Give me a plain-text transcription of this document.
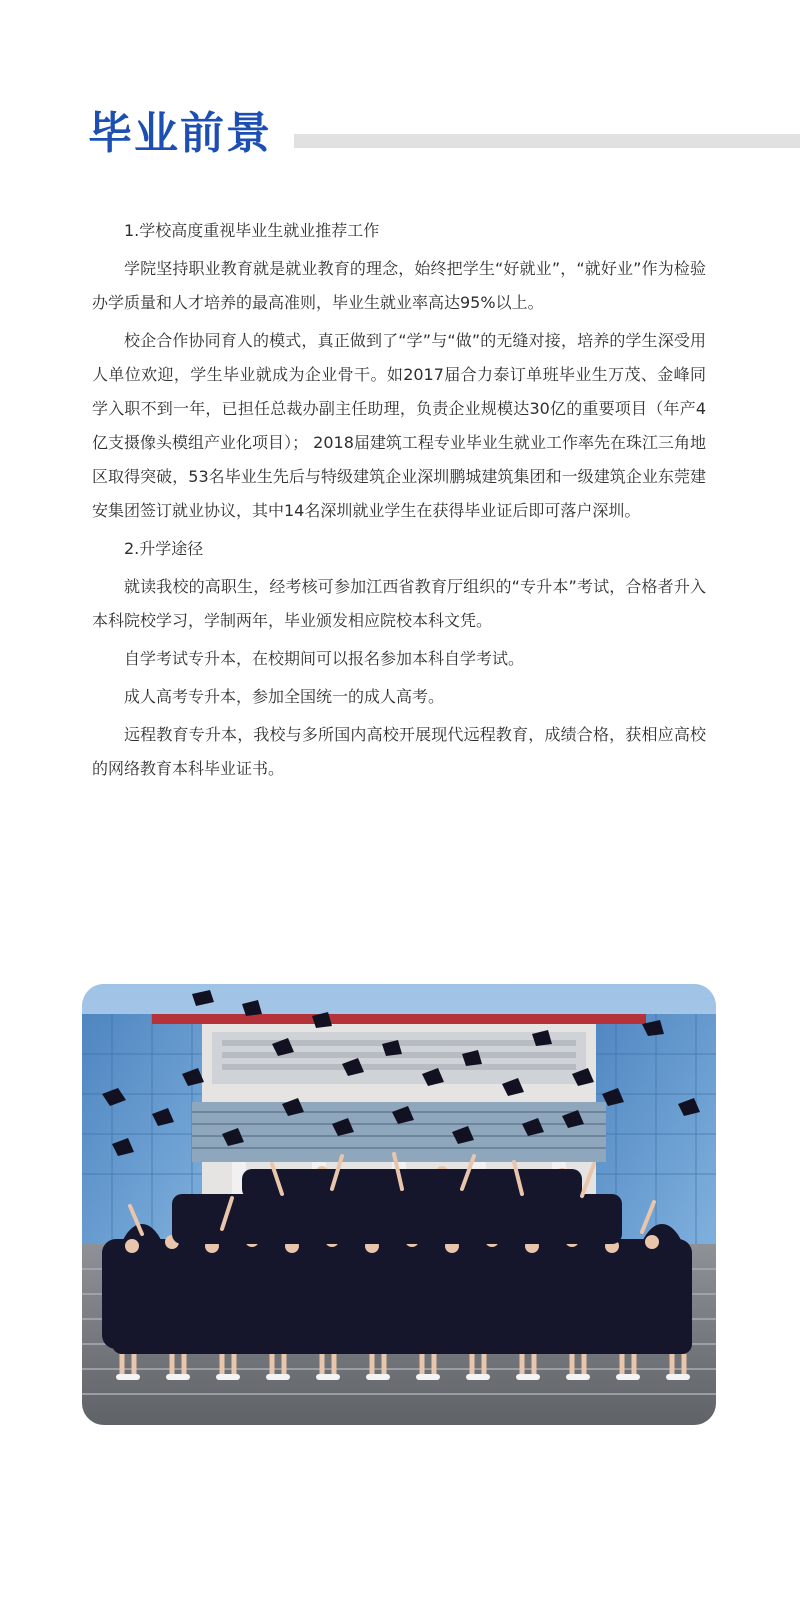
毕业前景

1.学校高度重视毕业生就业推荐工作

学院坚持职业教育就是就业教育的理念，始终把学生“好就业”，“就好业”作为检验办学质量和人才培养的最高准则，毕业生就业率高达95%以上。

校企合作协同育人的模式，真正做到了“学”与“做”的无缝对接，培养的学生深受用人单位欢迎，学生毕业就成为企业骨干。如2017届合力泰订单班毕业生万茂、金峰同学入职不到一年，已担任总裁办副主任助理，负责企业规模达30亿的重要项目（年产4亿支摄像头模组产业化项目）； 2018届建筑工程专业毕业生就业工作率先在珠江三角地区取得突破，53名毕业生先后与特级建筑企业深圳鹏城建筑集团和一级建筑企业东莞建安集团签订就业协议，其中14名深圳就业学生在获得毕业证后即可落户深圳。

2.升学途径

就读我校的高职生，经考核可参加江西省教育厅组织的“专升本”考试，合格者升入本科院校学习，学制两年，毕业颁发相应院校本科文凭。

自学考试专升本，在校期间可以报名参加本科自学考试。

成人高考专升本，参加全国统一的成人高考。

远程教育专升本，我校与多所国内高校开展现代远程教育，成绩合格，获相应高校的网络教育本科毕业证书。
